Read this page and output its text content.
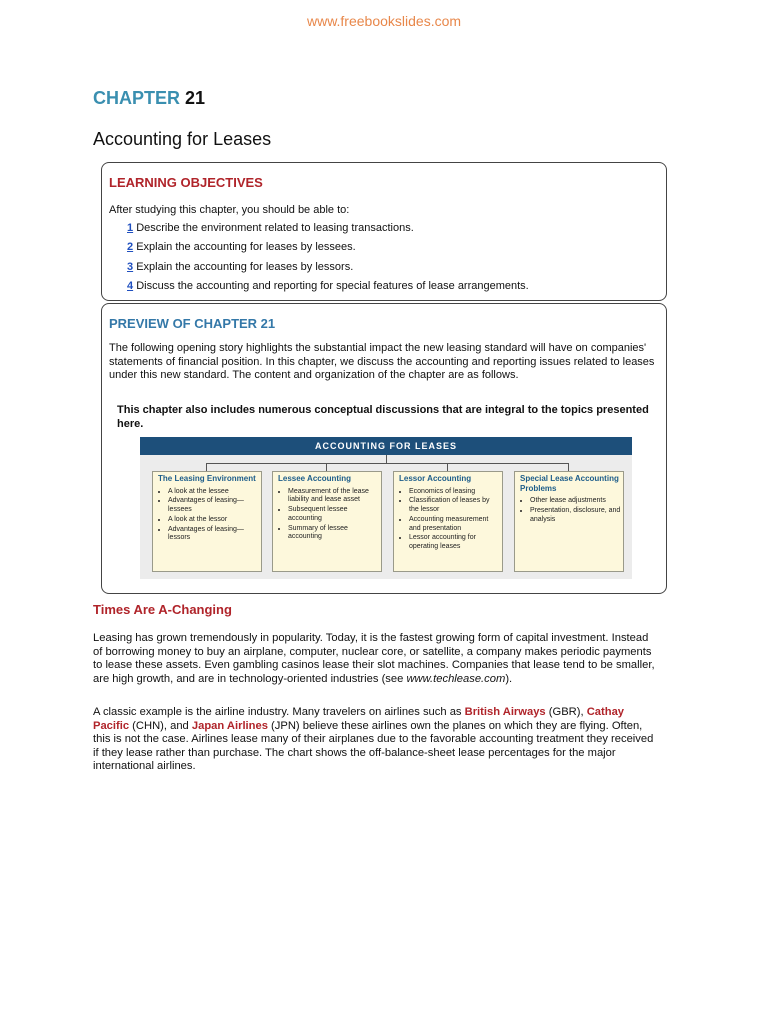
www.freebookslides.com
CHAPTER 21
Accounting for Leases
LEARNING OBJECTIVES
After studying this chapter, you should be able to:
1 Describe the environment related to leasing transactions.
2 Explain the accounting for leases by lessees.
3 Explain the accounting for leases by lessors.
4 Discuss the accounting and reporting for special features of lease arrangements.
PREVIEW OF CHAPTER 21
The following opening story highlights the substantial impact the new leasing standard will have on companies' statements of financial position. In this chapter, we discuss the accounting and reporting issues related to leases under this new standard. The content and organization of the chapter are as follows.
This chapter also includes numerous conceptual discussions that are integral to the topics presented here.
ACCOUNTING FOR LEASES
The Leasing Environment
• A look at the lessee
• Advantages of leasing—lessees
• A look at the lessor
• Advantages of leasing—lessors
Lessee Accounting
• Measurement of the lease liability and lease asset
• Subsequent lessee accounting
• Summary of lessee accounting
Lessor Accounting
• Economics of leasing
• Classification of leases by the lessor
• Accounting measurement and presentation
• Lessor accounting for operating leases
Special Lease Accounting Problems
• Other lease adjustments
• Presentation, disclosure, and analysis
Times Are A-Changing
Leasing has grown tremendously in popularity. Today, it is the fastest growing form of capital investment. Instead of borrowing money to buy an airplane, computer, nuclear core, or satellite, a company makes periodic payments to lease these assets. Even gambling casinos lease their slot machines. Companies that lease tend to be smaller, are high growth, and are in technology-oriented industries (see www.techlease.com).
A classic example is the airline industry. Many travelers on airlines such as British Airways (GBR), Cathay Pacific (CHN), and Japan Airlines (JPN) believe these airlines own the planes on which they are flying. Often, this is not the case. Airlines lease many of their airplanes due to the favorable accounting treatment they received if they lease rather than purchase. The chart shows the off-balance-sheet lease percentages for the major international airlines.
